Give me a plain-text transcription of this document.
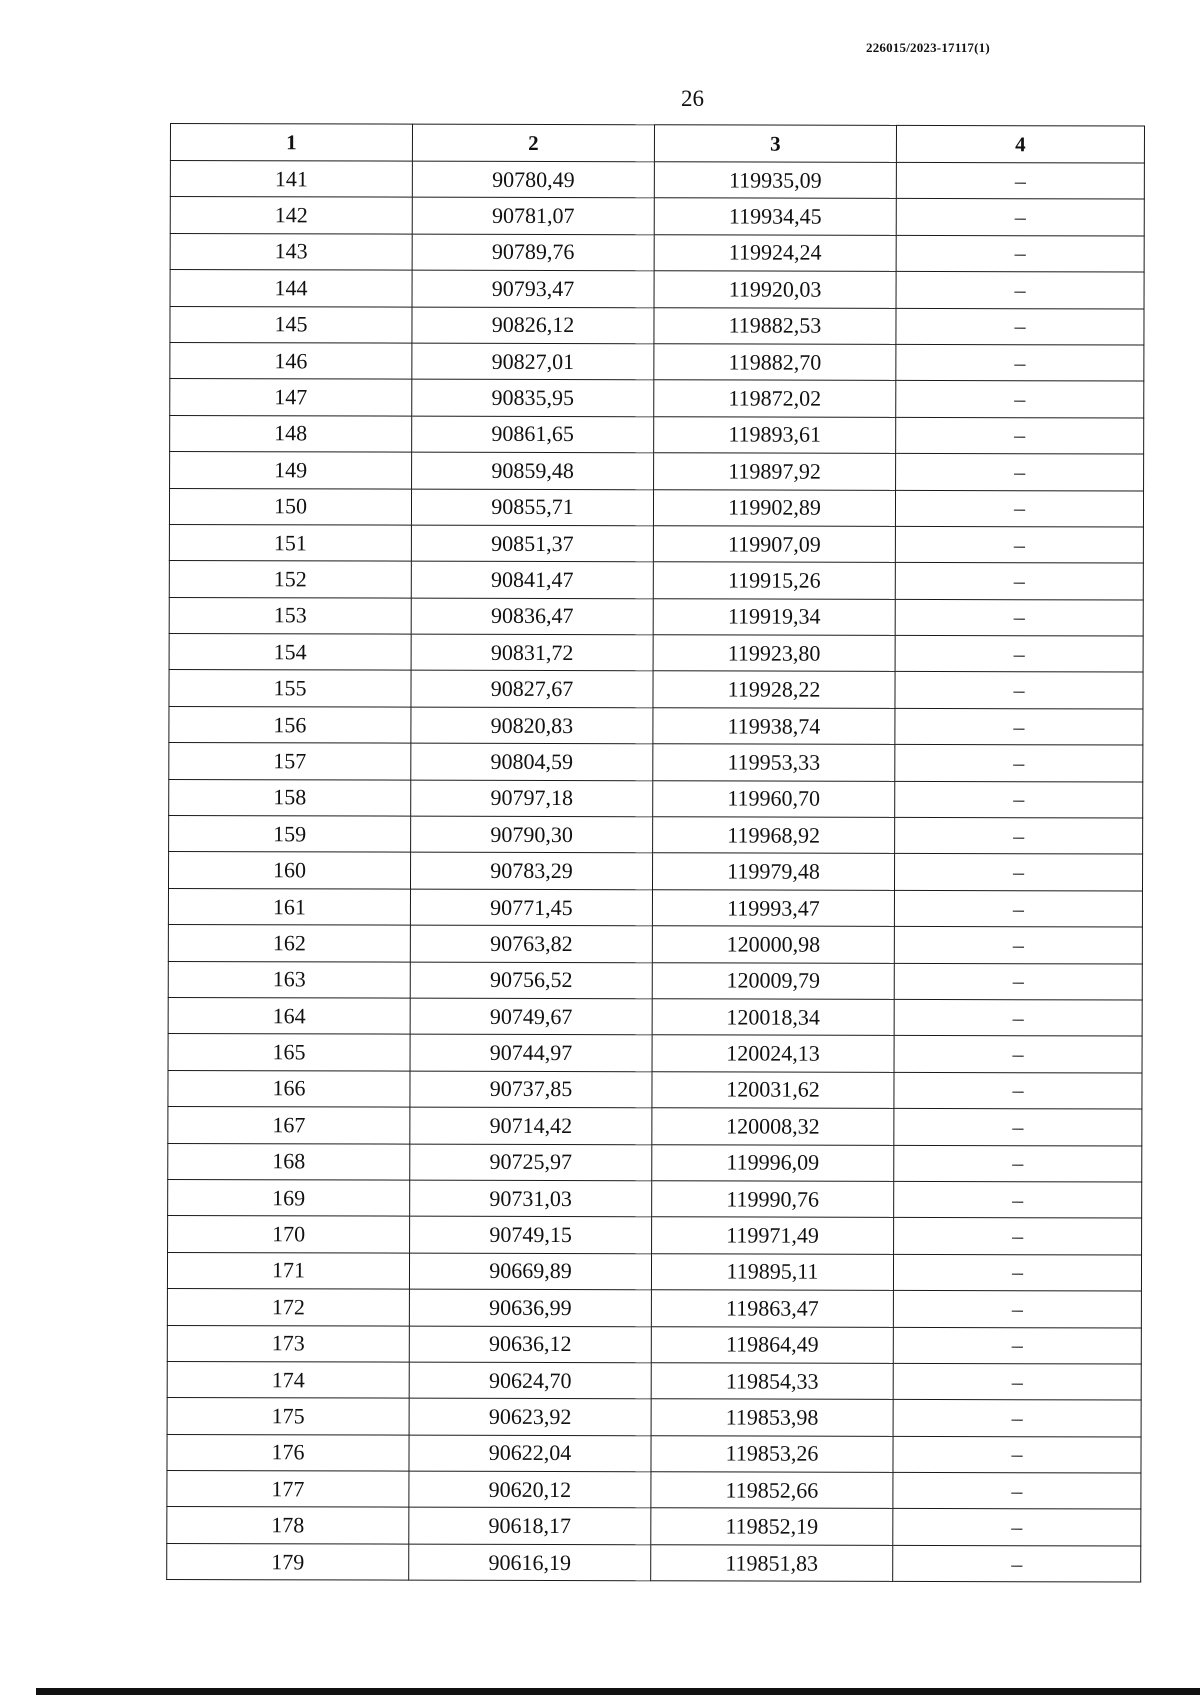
226015/2023-17117(1)
26
1	2	3	4
141	90780,49	119935,09	–
142	90781,07	119934,45	–
143	90789,76	119924,24	–
144	90793,47	119920,03	–
145	90826,12	119882,53	–
146	90827,01	119882,70	–
147	90835,95	119872,02	–
148	90861,65	119893,61	–
149	90859,48	119897,92	–
150	90855,71	119902,89	–
151	90851,37	119907,09	–
152	90841,47	119915,26	–
153	90836,47	119919,34	–
154	90831,72	119923,80	–
155	90827,67	119928,22	–
156	90820,83	119938,74	–
157	90804,59	119953,33	–
158	90797,18	119960,70	–
159	90790,30	119968,92	–
160	90783,29	119979,48	–
161	90771,45	119993,47	–
162	90763,82	120000,98	–
163	90756,52	120009,79	–
164	90749,67	120018,34	–
165	90744,97	120024,13	–
166	90737,85	120031,62	–
167	90714,42	120008,32	–
168	90725,97	119996,09	–
169	90731,03	119990,76	–
170	90749,15	119971,49	–
171	90669,89	119895,11	–
172	90636,99	119863,47	–
173	90636,12	119864,49	–
174	90624,70	119854,33	–
175	90623,92	119853,98	–
176	90622,04	119853,26	–
177	90620,12	119852,66	–
178	90618,17	119852,19	–
179	90616,19	119851,83	–
